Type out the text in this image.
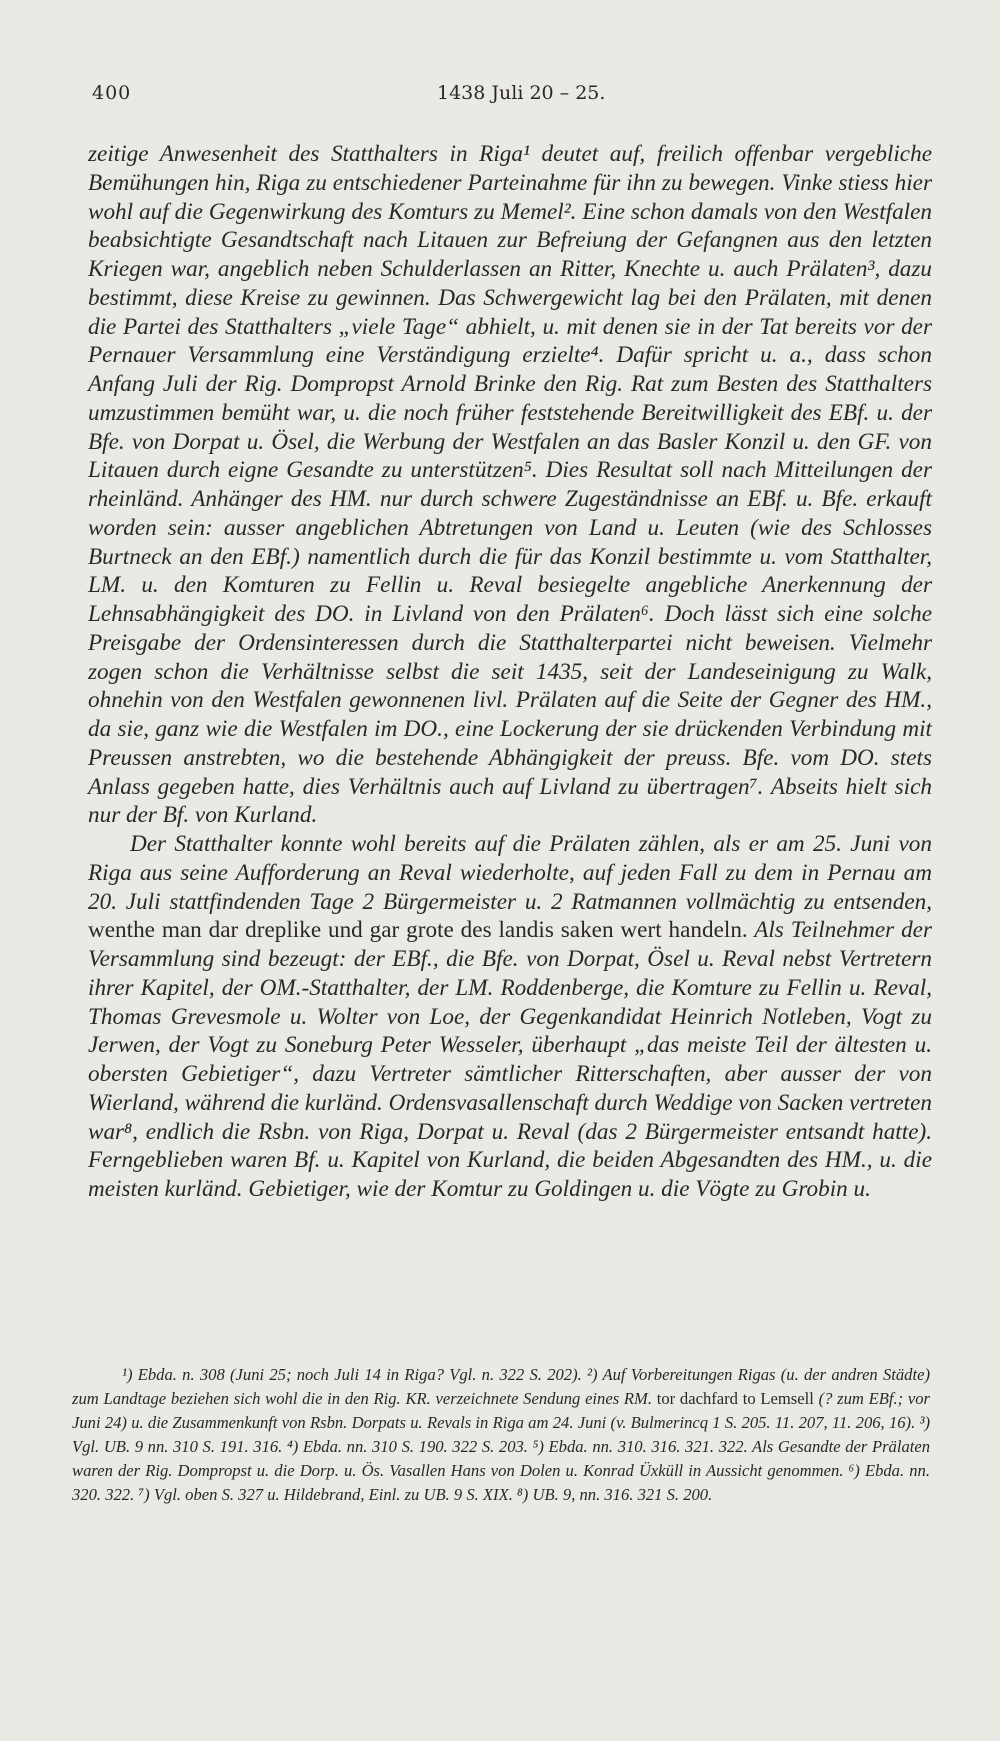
400	1438 Juli 20 – 25.

zeitige Anwesenheit des Statthalters in Riga¹ deutet auf, freilich offenbar vergebliche Bemühungen hin, Riga zu entschiedener Parteinahme für ihn zu bewegen. Vinke stiess hier wohl auf die Gegenwirkung des Komturs zu Memel². Eine schon damals von den Westfalen beabsichtigte Gesandtschaft nach Litauen zur Befreiung der Gefangnen aus den letzten Kriegen war, angeblich neben Schulderlassen an Ritter, Knechte u. auch Prälaten³, dazu bestimmt, diese Kreise zu gewinnen. Das Schwergewicht lag bei den Prälaten, mit denen die Partei des Statthalters „viele Tage“ abhielt, u. mit denen sie in der Tat bereits vor der Pernauer Versammlung eine Verständigung erzielte⁴. Dafür spricht u. a., dass schon Anfang Juli der Rig. Dompropst Arnold Brinke den Rig. Rat zum Besten des Statthalters umzustimmen bemüht war, u. die noch früher feststehende Bereitwilligkeit des EBf. u. der Bfe. von Dorpat u. Ösel, die Werbung der Westfalen an das Basler Konzil u. den GF. von Litauen durch eigne Gesandte zu unterstützen⁵. Dies Resultat soll nach Mitteilungen der rheinländ. Anhänger des HM. nur durch schwere Zugeständnisse an EBf. u. Bfe. erkauft worden sein: ausser angeblichen Abtretungen von Land u. Leuten (wie des Schlosses Burtneck an den EBf.) namentlich durch die für das Konzil bestimmte u. vom Statthalter, LM. u. den Komturen zu Fellin u. Reval besiegelte angebliche Anerkennung der Lehnsabhängigkeit des DO. in Livland von den Prälaten⁶. Doch lässt sich eine solche Preisgabe der Ordensinteressen durch die Statthalterpartei nicht beweisen. Vielmehr zogen schon die Verhältnisse selbst die seit 1435, seit der Landeseinigung zu Walk, ohnehin von den Westfalen gewonnenen livl. Prälaten auf die Seite der Gegner des HM., da sie, ganz wie die Westfalen im DO., eine Lockerung der sie drückenden Verbindung mit Preussen anstrebten, wo die bestehende Abhängigkeit der preuss. Bfe. vom DO. stets Anlass gegeben hatte, dies Verhältnis auch auf Livland zu übertragen⁷. Abseits hielt sich nur der Bf. von Kurland.

Der Statthalter konnte wohl bereits auf die Prälaten zählen, als er am 25. Juni von Riga aus seine Aufforderung an Reval wiederholte, auf jeden Fall zu dem in Pernau am 20. Juli stattfindenden Tage 2 Bürgermeister u. 2 Ratmannen vollmächtig zu entsenden, wenthe man dar dreplike und gar grote des landis saken wert handeln. Als Teilnehmer der Versammlung sind bezeugt: der EBf., die Bfe. von Dorpat, Ösel u. Reval nebst Vertretern ihrer Kapitel, der OM.-Statthalter, der LM. Roddenberge, die Komture zu Fellin u. Reval, Thomas Grevesmole u. Wolter von Loe, der Gegenkandidat Heinrich Notleben, Vogt zu Jerwen, der Vogt zu Soneburg Peter Wesseler, überhaupt „das meiste Teil der ältesten u. obersten Gebietiger“, dazu Vertreter sämtlicher Ritterschaften, aber ausser der von Wierland, während die kurländ. Ordensvasallenschaft durch Weddige von Sacken vertreten war⁸, endlich die Rsbn. von Riga, Dorpat u. Reval (das 2 Bürgermeister entsandt hatte). Ferngeblieben waren Bf. u. Kapitel von Kurland, die beiden Abgesandten des HM., u. die meisten kurländ. Gebietiger, wie der Komtur zu Goldingen u. die Vögte zu Grobin u.

¹) Ebda. n. 308 (Juni 25; noch Juli 14 in Riga? Vgl. n. 322 S. 202). ²) Auf Vorbereitungen Rigas (u. der andren Städte) zum Landtage beziehen sich wohl die in den Rig. KR. verzeichnete Sendung eines RM. tor dachfard to Lemsell (? zum EBf.; vor Juni 24) u. die Zusammenkunft von Rsbn. Dorpats u. Revals in Riga am 24. Juni (v. Bulmerincq 1 S. 205. 11. 207, 11. 206, 16). ³) Vgl. UB. 9 nn. 310 S. 191. 316. ⁴) Ebda. nn. 310 S. 190. 322 S. 203. ⁵) Ebda. nn. 310. 316. 321. 322. Als Gesandte der Prälaten waren der Rig. Dompropst u. die Dorp. u. Ös. Vasallen Hans von Dolen u. Konrad Üxküll in Aussicht genommen. ⁶) Ebda. nn. 320. 322. ⁷) Vgl. oben S. 327 u. Hildebrand, Einl. zu UB. 9 S. XIX. ⁸) UB. 9, nn. 316. 321 S. 200.
